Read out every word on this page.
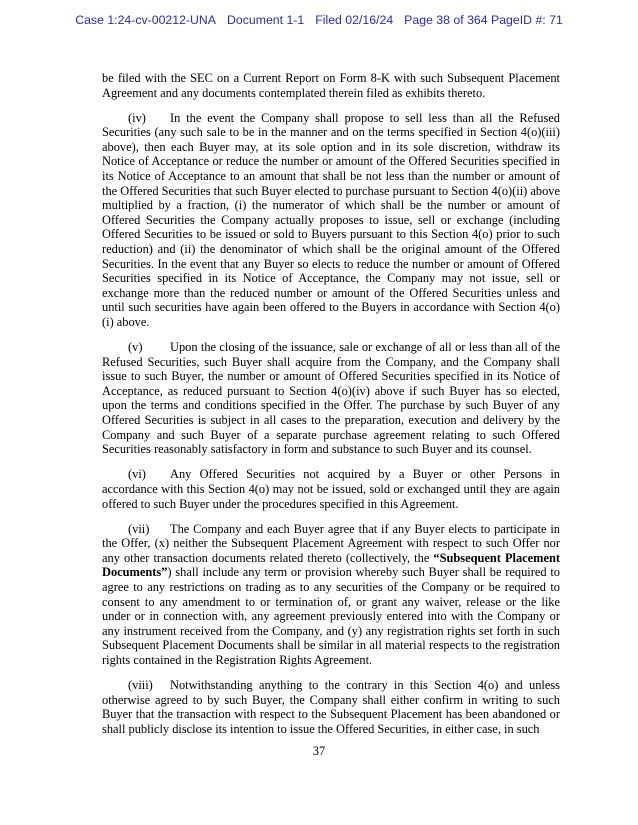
Case 1:24-cv-00212-UNA Document 1-1 Filed 02/16/24 Page 38 of 364 PageID #: 71

be filed with the SEC on a Current Report on Form 8-K with such Subsequent Placement Agreement and any documents contemplated therein filed as exhibits thereto.

(iv) In the event the Company shall propose to sell less than all the Refused Securities (any such sale to be in the manner and on the terms specified in Section 4(o)(iii) above), then each Buyer may, at its sole option and in its sole discretion, withdraw its Notice of Acceptance or reduce the number or amount of the Offered Securities specified in its Notice of Acceptance to an amount that shall be not less than the number or amount of the Offered Securities that such Buyer elected to purchase pursuant to Section 4(o)(ii) above multiplied by a fraction, (i) the numerator of which shall be the number or amount of Offered Securities the Company actually proposes to issue, sell or exchange (including Offered Securities to be issued or sold to Buyers pursuant to this Section 4(o) prior to such reduction) and (ii) the denominator of which shall be the original amount of the Offered Securities. In the event that any Buyer so elects to reduce the number or amount of Offered Securities specified in its Notice of Acceptance, the Company may not issue, sell or exchange more than the reduced number or amount of the Offered Securities unless and until such securities have again been offered to the Buyers in accordance with Section 4(o)(i) above.

(v) Upon the closing of the issuance, sale or exchange of all or less than all of the Refused Securities, such Buyer shall acquire from the Company, and the Company shall issue to such Buyer, the number or amount of Offered Securities specified in its Notice of Acceptance, as reduced pursuant to Section 4(o)(iv) above if such Buyer has so elected, upon the terms and conditions specified in the Offer. The purchase by such Buyer of any Offered Securities is subject in all cases to the preparation, execution and delivery by the Company and such Buyer of a separate purchase agreement relating to such Offered Securities reasonably satisfactory in form and substance to such Buyer and its counsel.

(vi) Any Offered Securities not acquired by a Buyer or other Persons in accordance with this Section 4(o) may not be issued, sold or exchanged until they are again offered to such Buyer under the procedures specified in this Agreement.

(vii) The Company and each Buyer agree that if any Buyer elects to participate in the Offer, (x) neither the Subsequent Placement Agreement with respect to such Offer nor any other transaction documents related thereto (collectively, the “Subsequent Placement Documents”) shall include any term or provision whereby such Buyer shall be required to agree to any restrictions on trading as to any securities of the Company or be required to consent to any amendment to or termination of, or grant any waiver, release or the like under or in connection with, any agreement previously entered into with the Company or any instrument received from the Company, and (y) any registration rights set forth in such Subsequent Placement Documents shall be similar in all material respects to the registration rights contained in the Registration Rights Agreement.

(viii) Notwithstanding anything to the contrary in this Section 4(o) and unless otherwise agreed to by such Buyer, the Company shall either confirm in writing to such Buyer that the transaction with respect to the Subsequent Placement has been abandoned or shall publicly disclose its intention to issue the Offered Securities, in either case, in such

37
